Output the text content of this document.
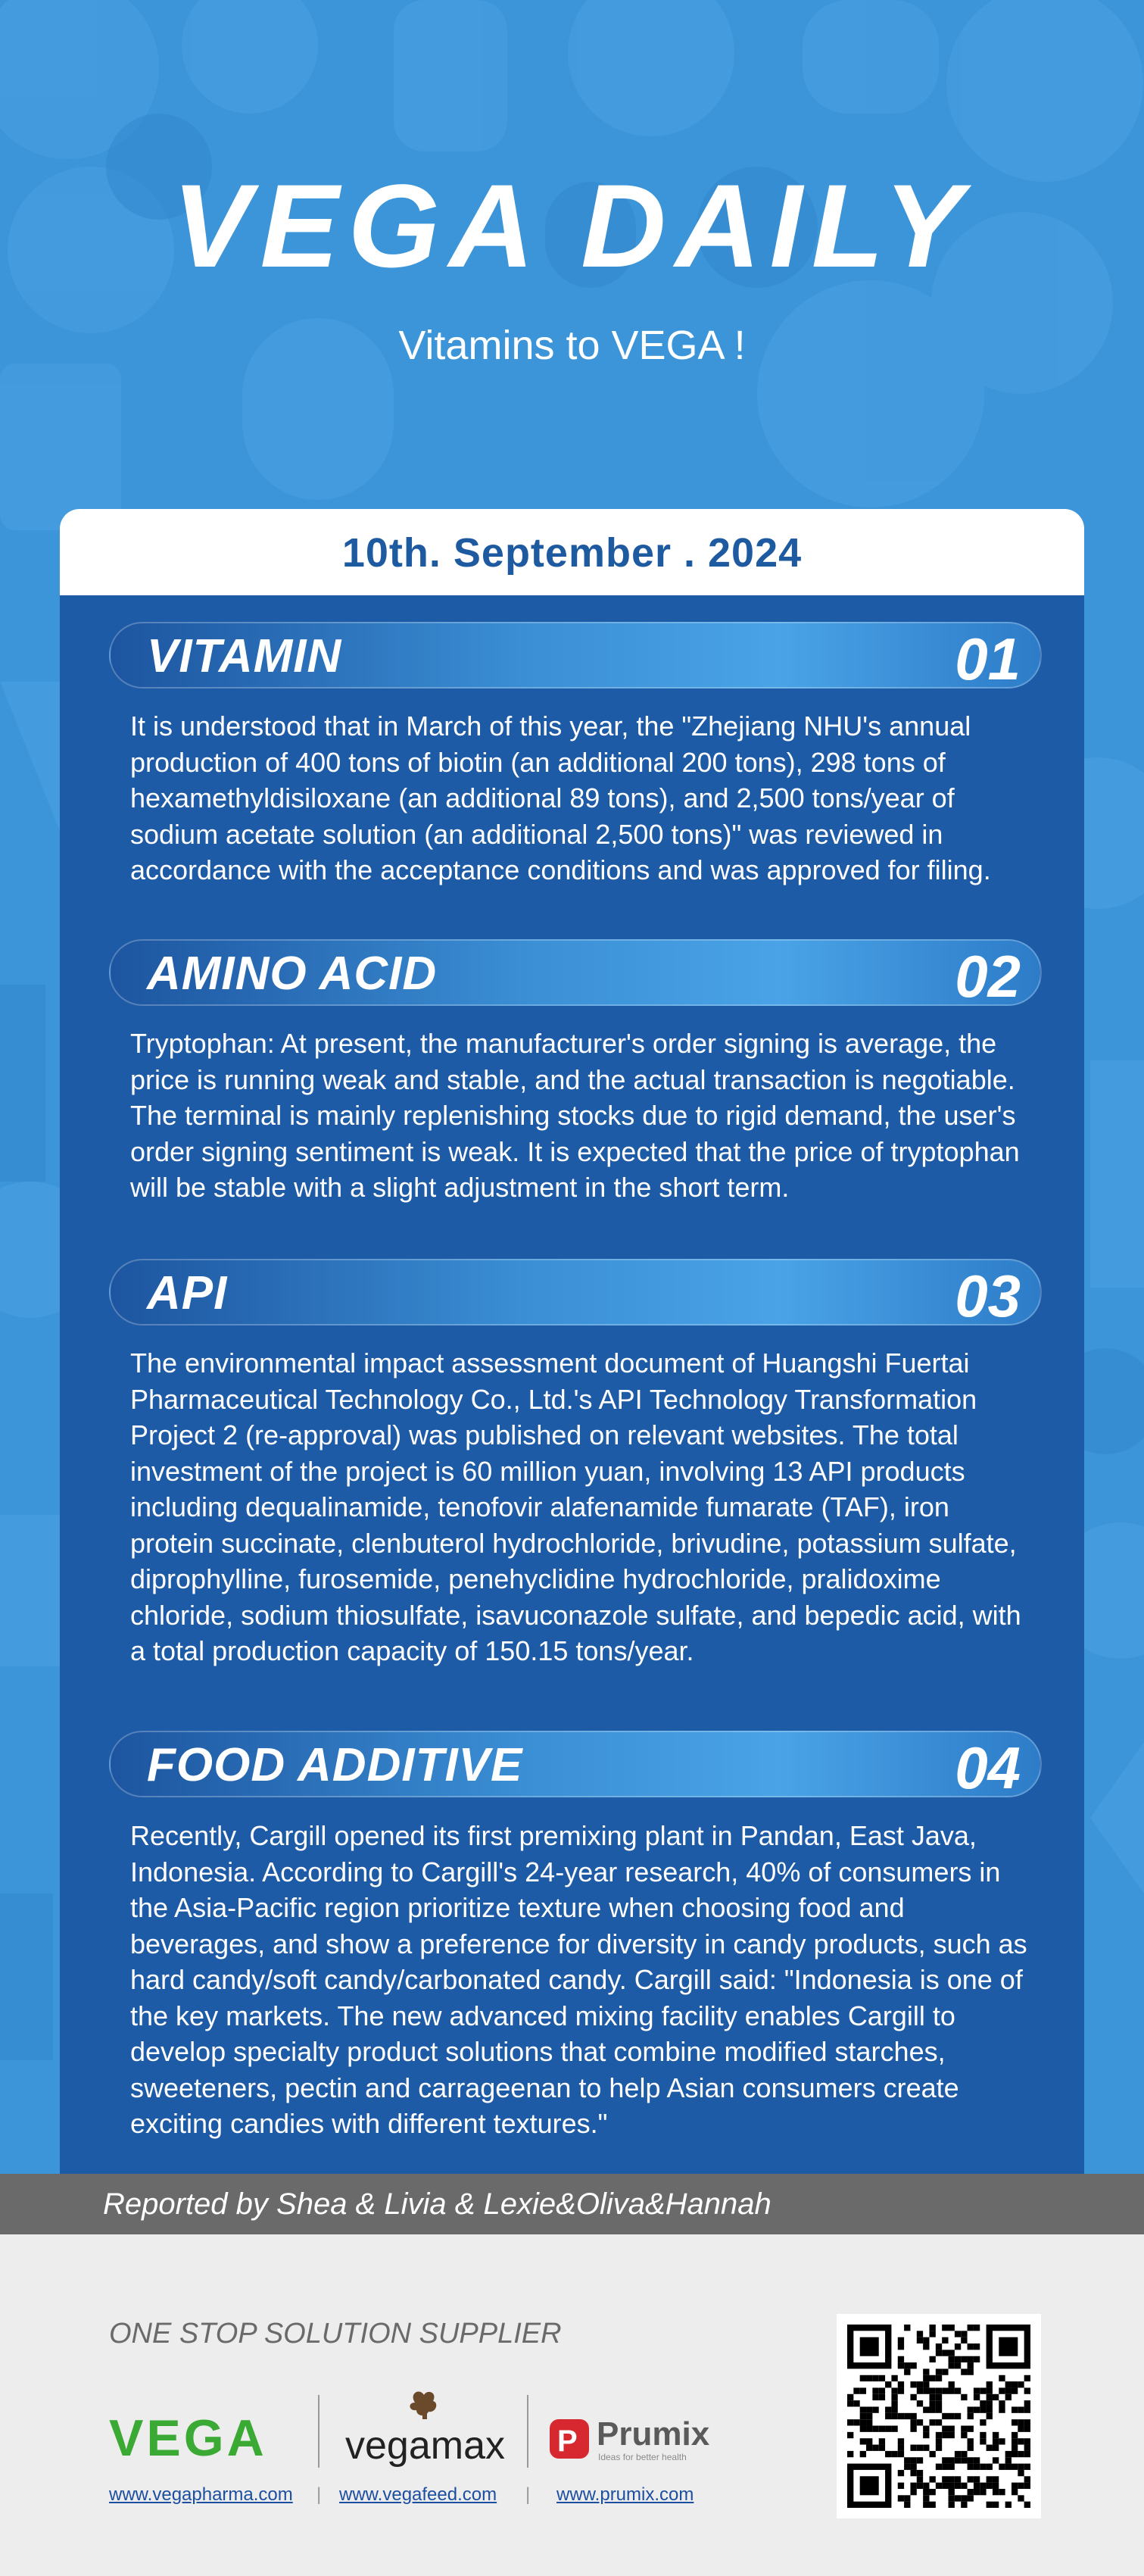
VEGA DAILY
Vitamins to VEGA !
10th. September . 2024
VITAMIN	01
It is understood that in March of this year, the "Zhejiang NHU's annual production of 400 tons of biotin (an additional 200 tons), 298 tons of hexamethyldisiloxane (an additional 89 tons), and 2,500 tons/year of sodium acetate solution (an additional 2,500 tons)" was reviewed in accordance with the acceptance conditions and was approved for filing.
AMINO ACID	02
Tryptophan: At present, the manufacturer's order signing is average, the price is running weak and stable, and the actual transaction is negotiable. The terminal is mainly replenishing stocks due to rigid demand, the user's order signing sentiment is weak. It is expected that the price of tryptophan will be stable with a slight adjustment in the short term.
API	03
The environmental impact assessment document of Huangshi Fuertai Pharmaceutical Technology Co., Ltd.'s API Technology Transformation Project 2 (re-approval) was published on relevant websites. The total investment of the project is 60 million yuan, involving 13 API products including dequalinamide, tenofovir alafenamide fumarate (TAF), iron protein succinate, clenbuterol hydrochloride, brivudine, potassium sulfate, diprophylline, furosemide, penehyclidine hydrochloride, pralidoxime chloride, sodium thiosulfate, isavuconazole sulfate, and bepedic acid, with a total production capacity of 150.15 tons/year.
FOOD ADDITIVE	04
Recently, Cargill opened its first premixing plant in Pandan, East Java, Indonesia. According to Cargill's 24-year research, 40% of consumers in the Asia-Pacific region prioritize texture when choosing food and beverages, and show a preference for diversity in candy products, such as hard candy/soft candy/carbonated candy. Cargill said: "Indonesia is one of the key markets. The new advanced mixing facility enables Cargill to develop specialty product solutions that combine modified starches, sweeteners, pectin and carrageenan to help Asian consumers create exciting candies with different textures."
Reported by Shea & Livia & Lexie&Oliva&Hannah
ONE STOP SOLUTION SUPPLIER
VEGA vegamax P Prumix
Ideas for better health
www.vegapharma.com | www.vegafeed.com | www.prumix.com
